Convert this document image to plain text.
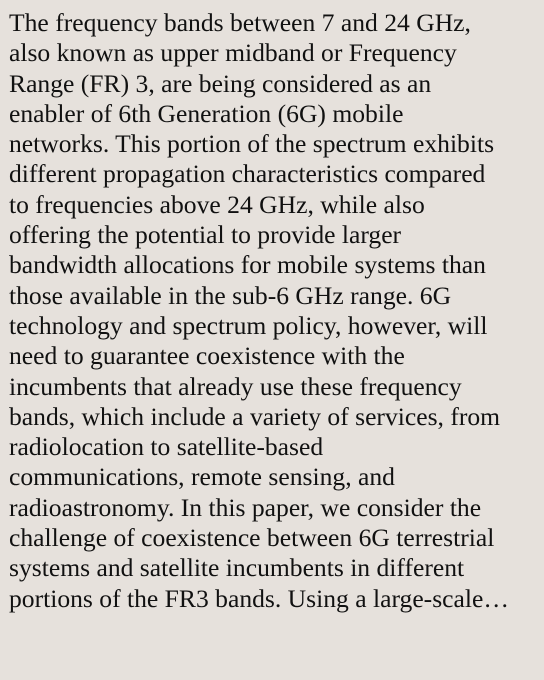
The frequency bands between 7 and 24 GHz,
also known as upper midband or Frequency
Range (FR) 3, are being considered as an
enabler of 6th Generation (6G) mobile
networks. This portion of the spectrum exhibits
different propagation characteristics compared
to frequencies above 24 GHz, while also
offering the potential to provide larger
bandwidth allocations for mobile systems than
those available in the sub-6 GHz range. 6G
technology and spectrum policy, however, will
need to guarantee coexistence with the
incumbents that already use these frequency
bands, which include a variety of services, from
radiolocation to satellite-based
communications, remote sensing, and
radioastronomy. In this paper, we consider the
challenge of coexistence between 6G terrestrial
systems and satellite incumbents in different
portions of the FR3 bands. Using a large-scale…
